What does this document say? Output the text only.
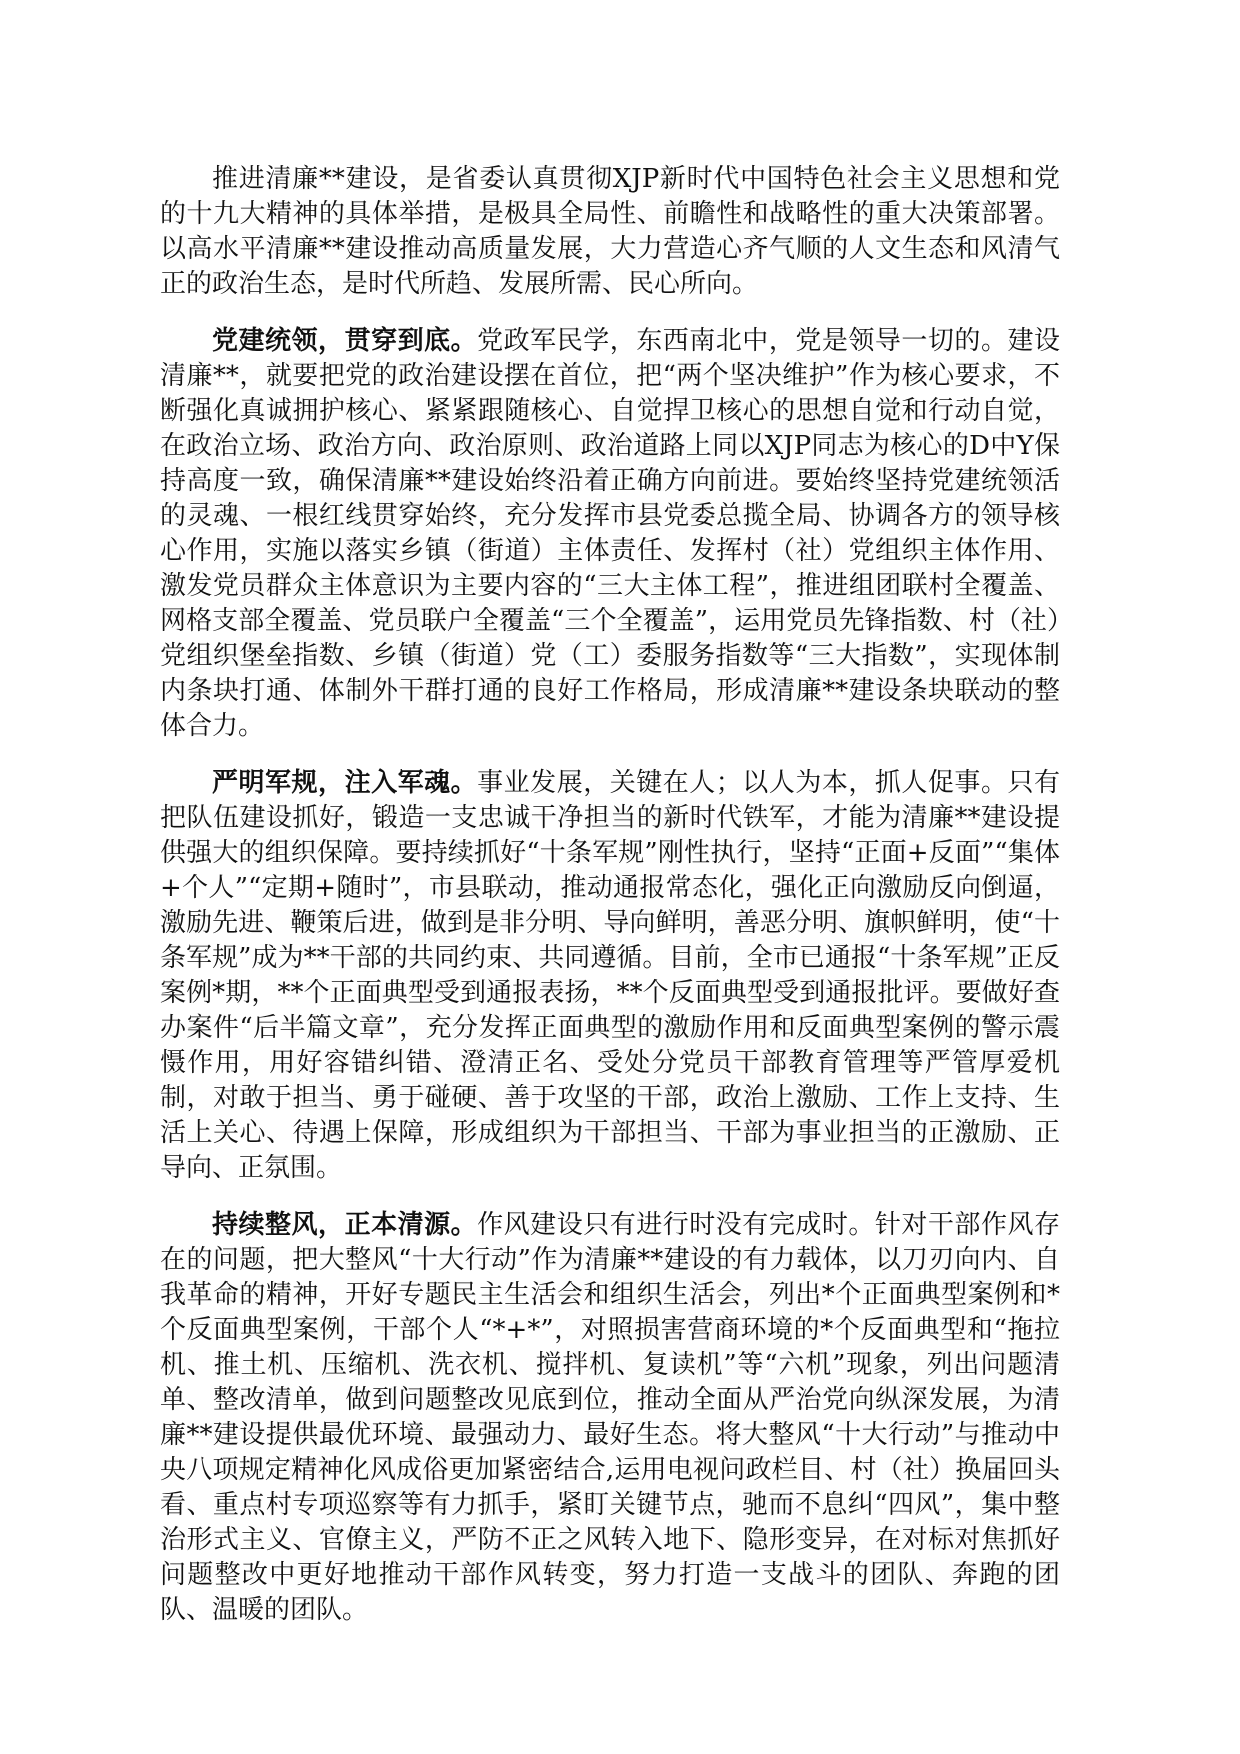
推进清廉**建设，是省委认真贯彻XJP新时代中国特色社会主义思想和党的十九大精神的具体举措，是极具全局性、前瞻性和战略性的重大决策部署。以高水平清廉**建设推动高质量发展，大力营造心齐气顺的人文生态和风清气正的政治生态，是时代所趋、发展所需、民心所向。

党建统领，贯穿到底。党政军民学，东西南北中，党是领导一切的。建设清廉**，就要把党的政治建设摆在首位，把“两个坚决维护”作为核心要求，不断强化真诚拥护核心、紧紧跟随核心、自觉捍卫核心的思想自觉和行动自觉，在政治立场、政治方向、政治原则、政治道路上同以XJP同志为核心的D中Y保持高度一致，确保清廉**建设始终沿着正确方向前进。要始终坚持党建统领活的灵魂、一根红线贯穿始终，充分发挥市县党委总揽全局、协调各方的领导核心作用，实施以落实乡镇（街道）主体责任、发挥村（社）党组织主体作用、激发党员群众主体意识为主要内容的“三大主体工程”，推进组团联村全覆盖、网格支部全覆盖、党员联户全覆盖“三个全覆盖”，运用党员先锋指数、村（社）党组织堡垒指数、乡镇（街道）党（工）委服务指数等“三大指数”，实现体制内条块打通、体制外干群打通的良好工作格局，形成清廉**建设条块联动的整体合力。

严明军规，注入军魂。事业发展，关键在人；以人为本，抓人促事。只有把队伍建设抓好，锻造一支忠诚干净担当的新时代铁军，才能为清廉**建设提供强大的组织保障。要持续抓好“十条军规”刚性执行，坚持“正面+反面”“集体+个人”“定期+随时”，市县联动，推动通报常态化，强化正向激励反向倒逼，激励先进、鞭策后进，做到是非分明、导向鲜明，善恶分明、旗帜鲜明，使“十条军规”成为**干部的共同约束、共同遵循。目前，全市已通报“十条军规”正反案例*期，**个正面典型受到通报表扬，**个反面典型受到通报批评。要做好查办案件“后半篇文章”，充分发挥正面典型的激励作用和反面典型案例的警示震慑作用，用好容错纠错、澄清正名、受处分党员干部教育管理等严管厚爱机制，对敢于担当、勇于碰硬、善于攻坚的干部，政治上激励、工作上支持、生活上关心、待遇上保障，形成组织为干部担当、干部为事业担当的正激励、正导向、正氛围。

持续整风，正本清源。作风建设只有进行时没有完成时。针对干部作风存在的问题，把大整风“十大行动”作为清廉**建设的有力载体，以刀刃向内、自我革命的精神，开好专题民主生活会和组织生活会，列出*个正面典型案例和*个反面典型案例，干部个人“*+*”，对照损害营商环境的*个反面典型和“拖拉机、推土机、压缩机、洗衣机、搅拌机、复读机”等“六机”现象，列出问题清单、整改清单，做到问题整改见底到位，推动全面从严治党向纵深发展，为清廉**建设提供最优环境、最强动力、最好生态。将大整风“十大行动”与推动中央八项规定精神化风成俗更加紧密结合,运用电视问政栏目、村（社）换届回头看、重点村专项巡察等有力抓手，紧盯关键节点，驰而不息纠“四风”，集中整治形式主义、官僚主义，严防不正之风转入地下、隐形变异，在对标对焦抓好问题整改中更好地推动干部作风转变，努力打造一支战斗的团队、奔跑的团队、温暖的团队。
